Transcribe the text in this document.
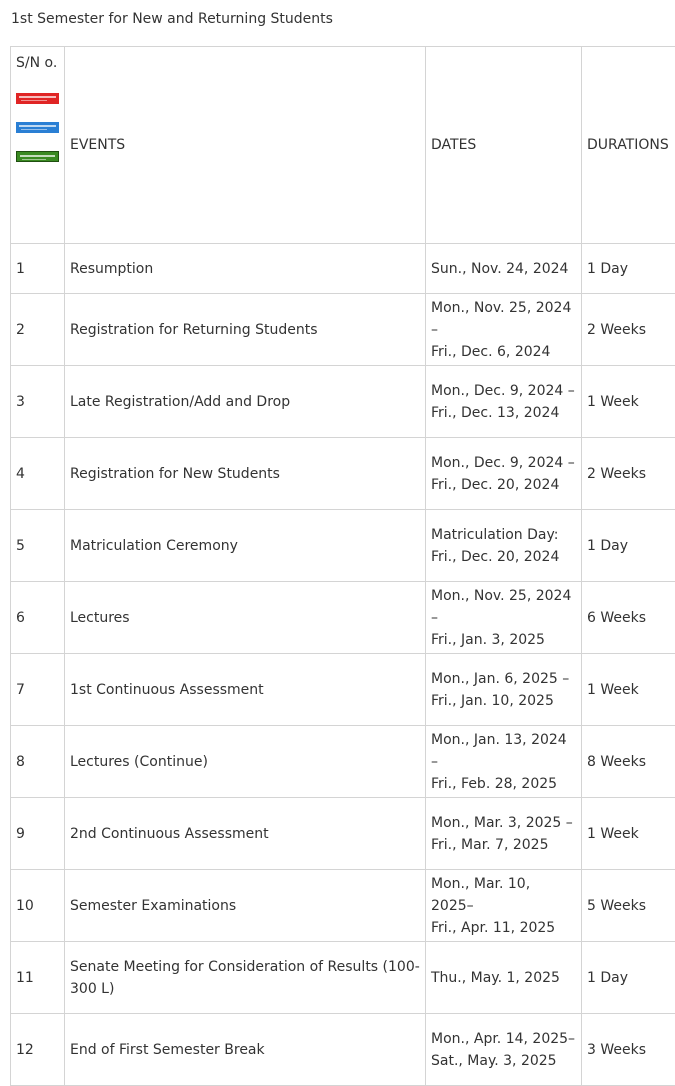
1st Semester for New and Returning Students
S/N o.	EVENTS	DATES	DURATIONS
1	Resumption	Sun., Nov. 24, 2024	1 Day
2	Registration for Returning Students	Mon., Nov. 25, 2024 –
Fri., Dec. 6, 2024	2 Weeks
3	Late Registration/Add and Drop	Mon., Dec. 9, 2024 –
Fri., Dec. 13, 2024	1 Week
4	Registration for New Students	Mon., Dec. 9, 2024 –
Fri., Dec. 20, 2024	2 Weeks
5	Matriculation Ceremony	Matriculation Day:
Fri., Dec. 20, 2024	1 Day
6	Lectures	Mon., Nov. 25, 2024 –
Fri., Jan. 3, 2025	6 Weeks
7	1st Continuous Assessment	Mon., Jan. 6, 2025 –
Fri., Jan. 10, 2025	1 Week
8	Lectures (Continue)	Mon., Jan. 13, 2024 –
Fri., Feb. 28, 2025	8 Weeks
9	2nd Continuous Assessment	Mon., Mar. 3, 2025 –
Fri., Mar. 7, 2025	1 Week
10	Semester Examinations	Mon., Mar. 10, 2025–
Fri., Apr. 11, 2025	5 Weeks
11	Senate Meeting for Consideration of Results (100-300 L)	Thu., May. 1, 2025	1 Day
12	End of First Semester Break	Mon., Apr. 14, 2025–
Sat., May. 3, 2025	3 Weeks
